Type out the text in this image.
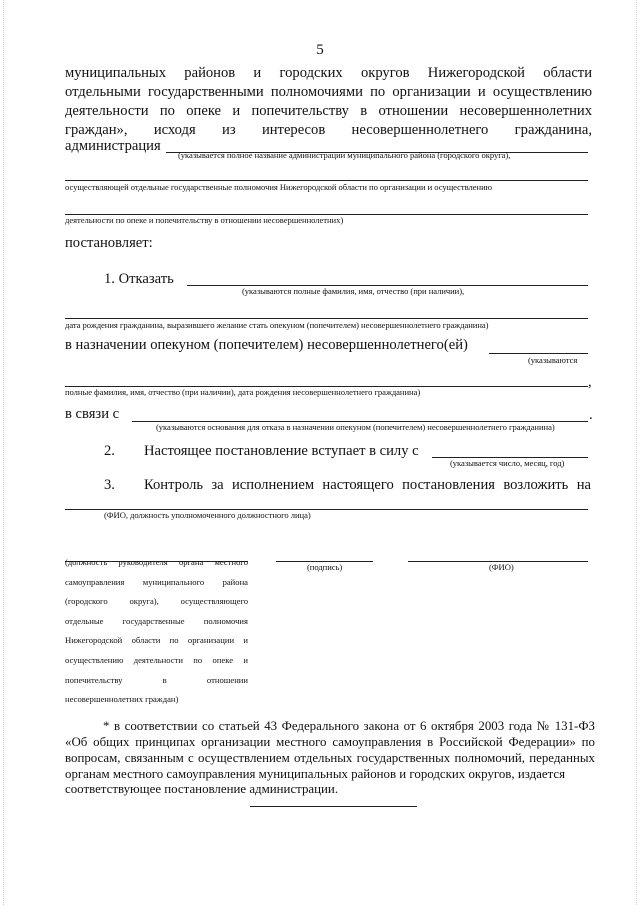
5
муниципальных районов и городских округов Нижегородской области
отдельными государственными полномочиями по организации и осуществлению
деятельности по опеке и попечительству в отношении несовершеннолетних
граждан», исходя из интересов несовершеннолетнего гражданина,
администрация
(указывается полное название администрации муниципального района (городского округа),
осуществляющей отдельные государственные полномочия Нижегородской области по организации и осуществлению
деятельности по опеке и попечительству в отношении несовершеннолетних)
постановляет:
1. Отказать
(указываются полные фамилия, имя, отчество (при наличии),
дата рождения гражданина, выразившего желание стать опекуном (попечителем) несовершеннолетнего гражданина)
в назначении опекуном (попечителем) несовершеннолетнего(ей)
(указываются
,
полные фамилия, имя, отчество (при наличии), дата рождения несовершеннолетнего гражданина)
в связи с	.
(указываются основания для отказа в назначении опекуном (попечителем) несовершеннолетнего гражданина)
2. Настоящее постановление вступает в силу с
(указывается число, месяц, год)
3. Контроль за исполнением настоящего постановления возложить на
(ФИО, должность уполномоченного должностного лица)
(должность руководителя органа местного
самоуправления муниципального района
(городского округа), осуществляющего
отдельные государственные полномочия
Нижегородской области по организации и
осуществлению деятельности по опеке и
попечительству в отношении
несовершеннолетних граждан)
(подпись)	(ФИО)

* в соответствии со статьей 43 Федерального закона от 6 октября 2003 года № 131-ФЗ «Об общих принципах организации местного самоуправления в Российской Федерации» по вопросам, связанным с осуществлением отдельных государственных полномочий, переданных органам местного самоуправления муниципальных районов и городских округов, издается

соответствующее постановление администрации.
